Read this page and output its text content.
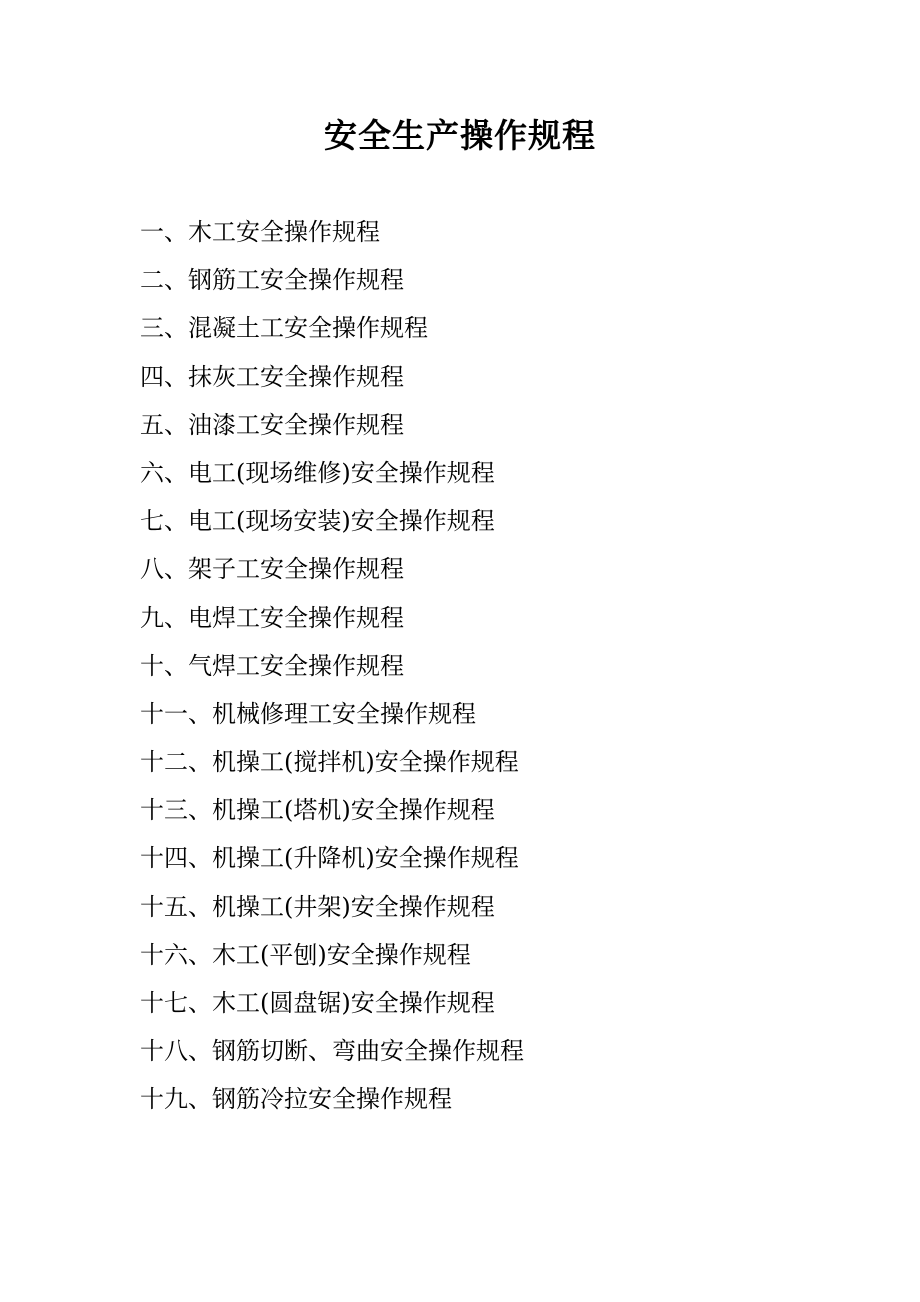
安全生产操作规程
一、木工安全操作规程
二、钢筋工安全操作规程
三、混凝土工安全操作规程
四、抹灰工安全操作规程
五、油漆工安全操作规程
六、电工(现场维修)安全操作规程
七、电工(现场安装)安全操作规程
八、架子工安全操作规程
九、电焊工安全操作规程
十、气焊工安全操作规程
十一、机械修理工安全操作规程
十二、机操工(搅拌机)安全操作规程
十三、机操工(塔机)安全操作规程
十四、机操工(升降机)安全操作规程
十五、机操工(井架)安全操作规程
十六、木工(平刨)安全操作规程
十七、木工(圆盘锯)安全操作规程
十八、钢筋切断、弯曲安全操作规程
十九、钢筋冷拉安全操作规程
